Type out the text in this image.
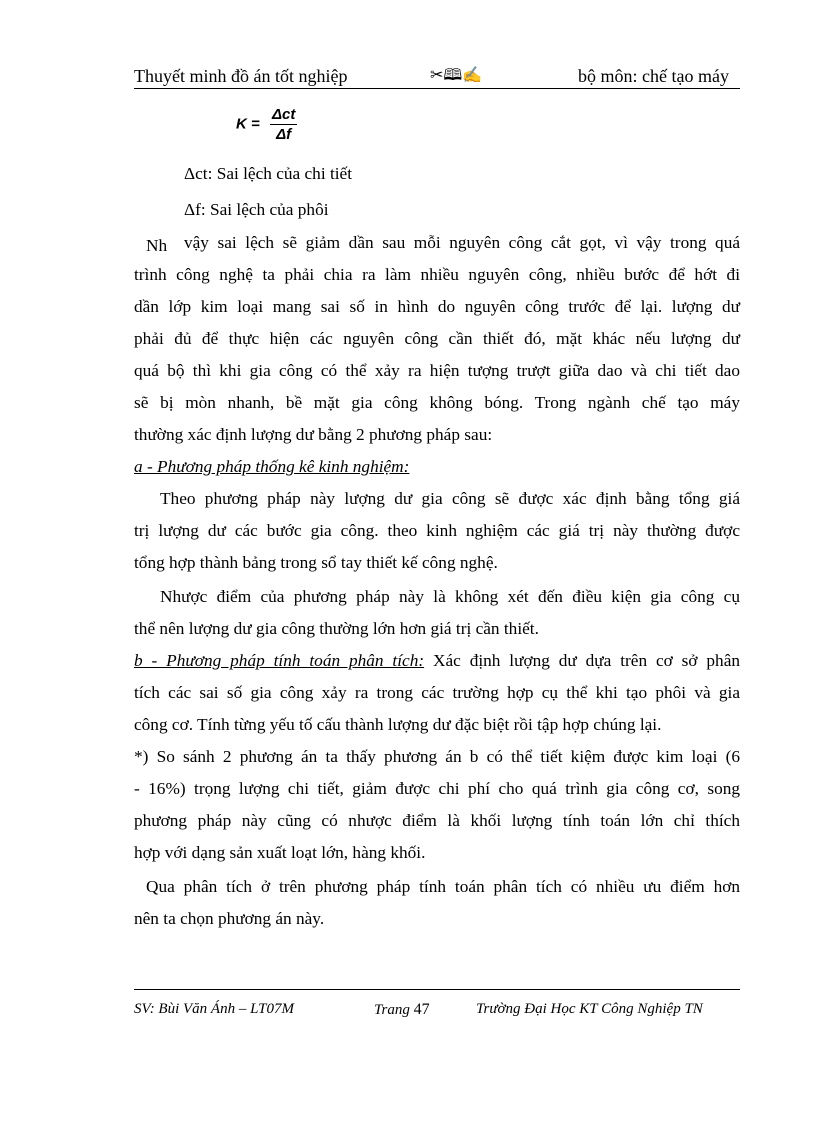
Thuyết minh đồ án tốt nghiệp	✂🕮✍	bộ môn: chế tạo máy
$K = \frac{\text{Δct}}{\Delta f}$
Δct: Sai lệch của chi tiết
Δf: Sai lệch của phôi
Nh vậy sai lệch sẽ giảm dần sau mỗi nguyên công cắt gọt, vì vậy trong quá
trình công nghệ ta phải chia ra làm nhiều nguyên công, nhiều bước để hớt đi
dần lớp kim loại mang sai số in hình do nguyên công trước để lại. lượng dư
phải đủ để thực hiện các nguyên công cần thiết đó, mặt khác nếu lượng dư
quá bộ thì khi gia công có thể xảy ra hiện tượng trượt giữa dao và chi tiết dao
sẽ bị mòn nhanh, bề mặt gia công không bóng. Trong ngành chế tạo máy
thường xác định lượng dư bằng 2 phương pháp sau:
a - Phương pháp thống kê kinh nghiệm:
Theo phương pháp này lượng dư gia công sẽ được xác định bằng tổng giá
trị lượng dư các bước gia công. theo kinh nghiệm các giá trị này thường được
tổng hợp thành bảng trong sổ tay thiết kế công nghệ.
Nhược điểm của phương pháp này là không xét đến điều kiện gia công cụ
thể nên lượng dư gia công thường lớn hơn giá trị cần thiết.
b - Phương pháp tính toán phân tích: Xác định lượng dư dựa trên cơ sở phân
tích các sai số gia công xảy ra trong các trường hợp cụ thể khi tạo phôi và gia
công cơ. Tính từng yếu tố cấu thành lượng dư đặc biệt rồi tập hợp chúng lại.
*) So sánh 2 phương án ta thấy phương án b có thể tiết kiệm được kim loại (6
- 16%) trọng lượng chi tiết, giảm được chi phí cho quá trình gia công cơ, song
phương pháp này cũng có nhược điểm là khối lượng tính toán lớn chỉ thích
hợp với dạng sản xuất loạt lớn, hàng khối.
Qua phân tích ở trên phương pháp tính toán phân tích có nhiều ưu điểm hơn
nên ta chọn phương án này.
SV: Bùi Văn Ánh – LT07M	Trang 47	Trường Đại Học KT Công Nghiệp TN
